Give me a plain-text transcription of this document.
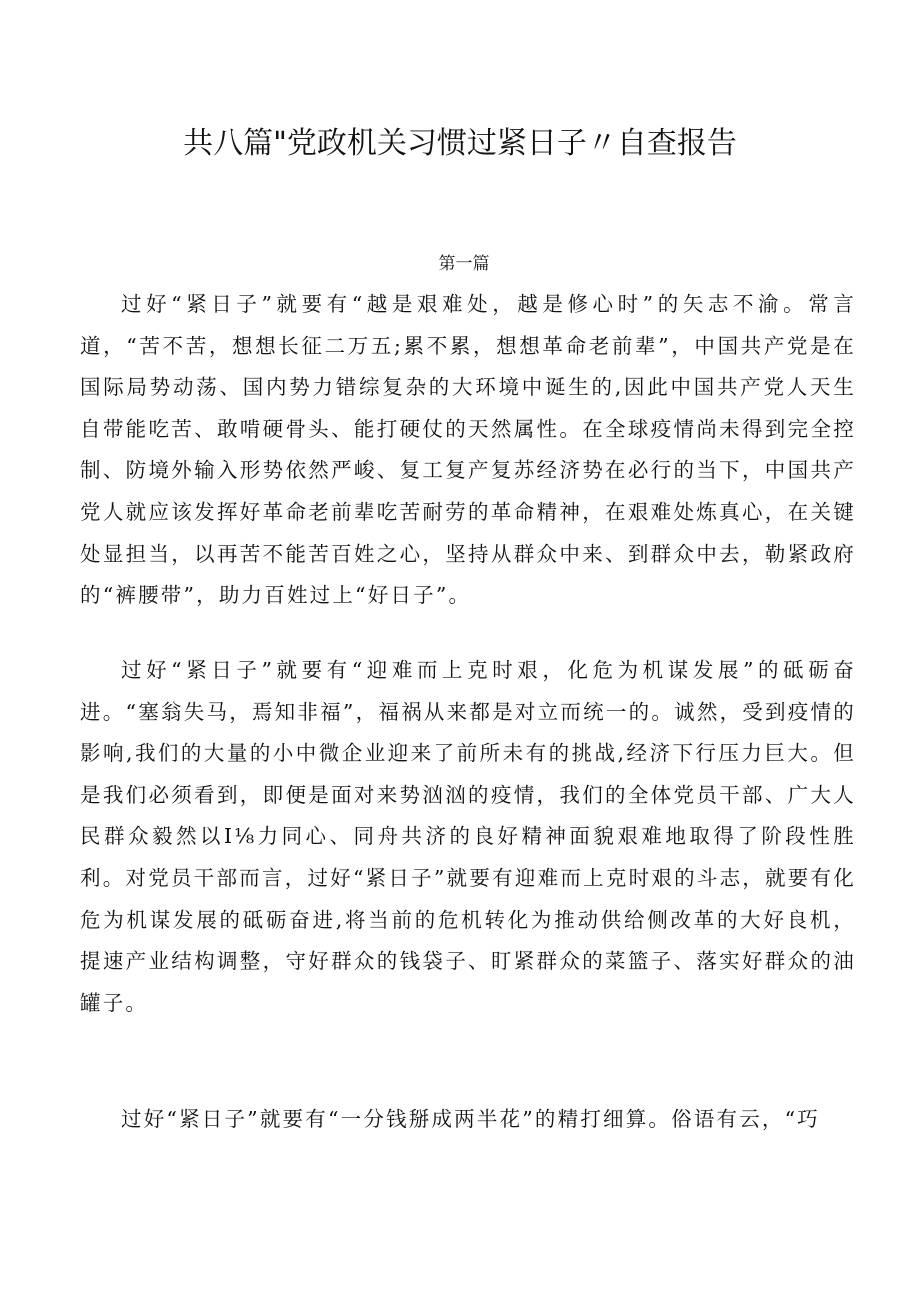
共八篇"党政机关习惯过紧日子〃自查报告
第一篇

过好“紧日子”就要有“越是艰难处，越是修心时”的矢志不渝。常言道，“苦不苦，想想长征二万五;累不累，想想革命老前辈”，中国共产党是在国际局势动荡、国内势力错综复杂的大环境中诞生的,因此中国共产党人天生自带能吃苦、敢啃硬骨头、能打硬仗的天然属性。在全球疫情尚未得到完全控制、防境外输入形势依然严峻、复工复产复苏经济势在必行的当下，中国共产党人就应该发挥好革命老前辈吃苦耐劳的革命精神，在艰难处炼真心，在关键处显担当，以再苦不能苦百姓之心，坚持从群众中来、到群众中去，勒紧政府的“裤腰带”，助力百姓过上“好日子”。

过好“紧日子”就要有“迎难而上克时艰，化危为机谋发展”的砥砺奋进。“塞翁失马，焉知非福”，福祸从来都是对立而统一的。诚然，受到疫情的影响,我们的大量的小中微企业迎来了前所未有的挑战,经济下行压力巨大。但是我们必须看到，即便是面对来势汹汹的疫情，我们的全体党员干部、广大人民群众毅然以I⅛力同心、同舟共济的良好精神面貌艰难地取得了阶段性胜利。对党员干部而言，过好“紧日子”就要有迎难而上克时艰的斗志，就要有化危为机谋发展的砥砺奋进,将当前的危机转化为推动供给侧改革的大好良机，提速产业结构调整，守好群众的钱袋子、盯紧群众的菜篮子、落实好群众的油罐子。

过好“紧日子”就要有“一分钱掰成两半花”的精打细算。俗语有云，“巧
